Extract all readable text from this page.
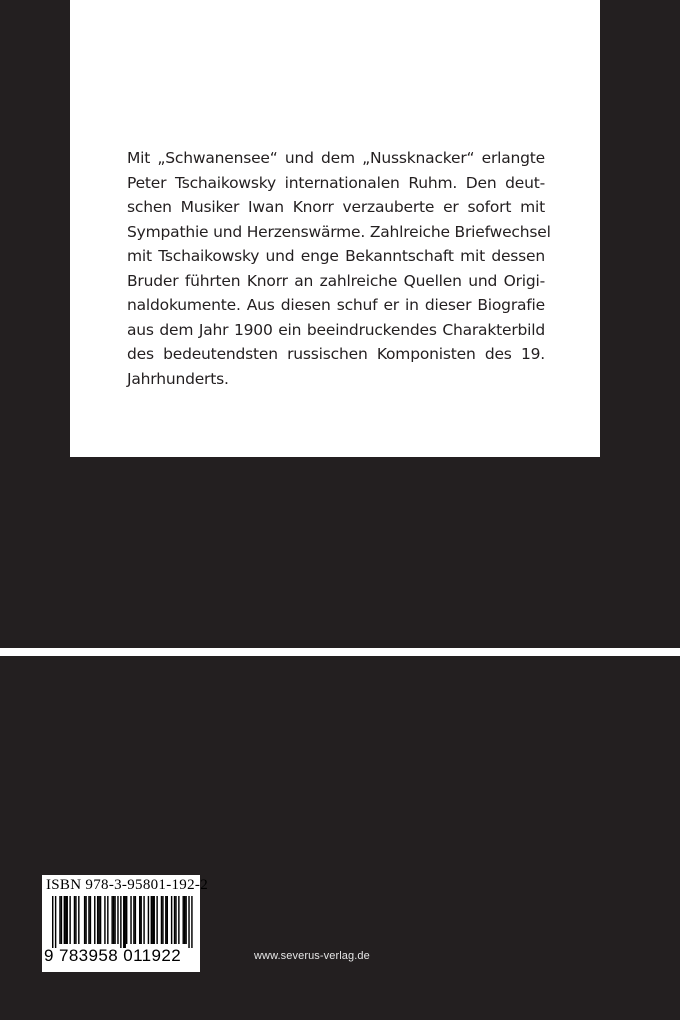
Mit „Schwanensee“ und dem „Nussknacker“ erlangte
Peter Tschaikowsky internationalen Ruhm. Den deut-
schen Musiker Iwan Knorr verzauberte er sofort mit
Sympathie und Herzenswärme. Zahlreiche Briefwechsel
mit Tschaikowsky und enge Bekanntschaft mit dessen
Bruder führten Knorr an zahlreiche Quellen und Origi-
naldokumente. Aus diesen schuf er in dieser Biografie
aus dem Jahr 1900 ein beeindruckendes Charakterbild
des bedeutendsten russischen Komponisten des 19.
Jahrhunderts.
ISBN 978-3-95801-192-2
9 783958 011922	www.severus-verlag.de
